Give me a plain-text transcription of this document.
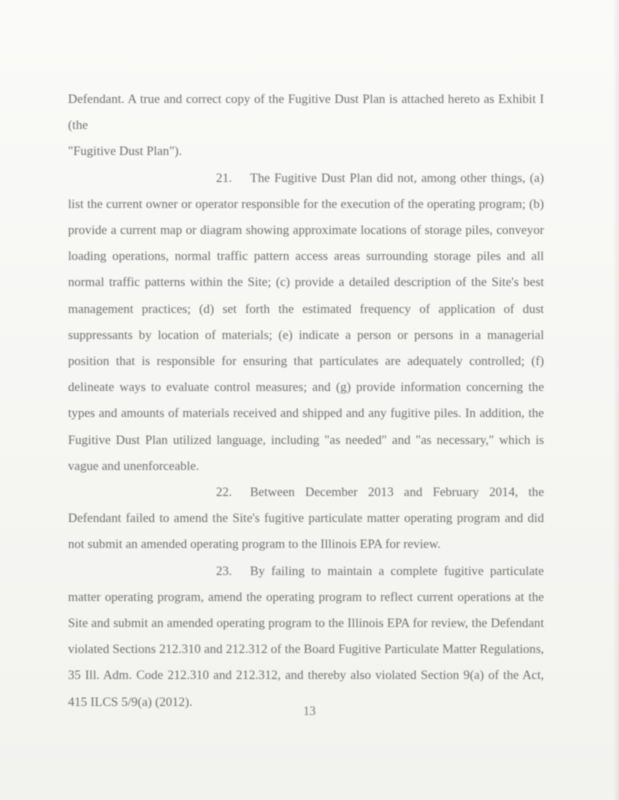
Defendant. A true and correct copy of the Fugitive Dust Plan is attached hereto as Exhibit I (the

"Fugitive Dust Plan").

21. The Fugitive Dust Plan did not, among other things, (a) list the current owner or operator responsible for the execution of the operating program; (b) provide a current map or diagram showing approximate locations of storage piles, conveyor loading operations, normal traffic pattern access areas surrounding storage piles and all normal traffic patterns within the Site; (c) provide a detailed description of the Site's best management practices; (d) set forth the estimated frequency of application of dust suppressants by location of materials; (e) indicate a person or persons in a managerial position that is responsible for ensuring that particulates are adequately controlled; (f) delineate ways to evaluate control measures; and (g) provide information concerning the types and amounts of materials received and shipped and any fugitive piles. In addition, the Fugitive Dust Plan utilized language, including "as needed" and "as necessary," which is vague and unenforceable.

22. Between December 2013 and February 2014, the Defendant failed to amend the Site's fugitive particulate matter operating program and did not submit an amended operating program to the Illinois EPA for review.

23. By failing to maintain a complete fugitive particulate matter operating program, amend the operating program to reflect current operations at the Site and submit an amended operating program to the Illinois EPA for review, the Defendant violated Sections 212.310 and 212.312 of the Board Fugitive Particulate Matter Regulations, 35 Ill. Adm. Code 212.310 and 212.312, and thereby also violated Section 9(a) of the Act, 415 ILCS 5/9(a) (2012).

13
